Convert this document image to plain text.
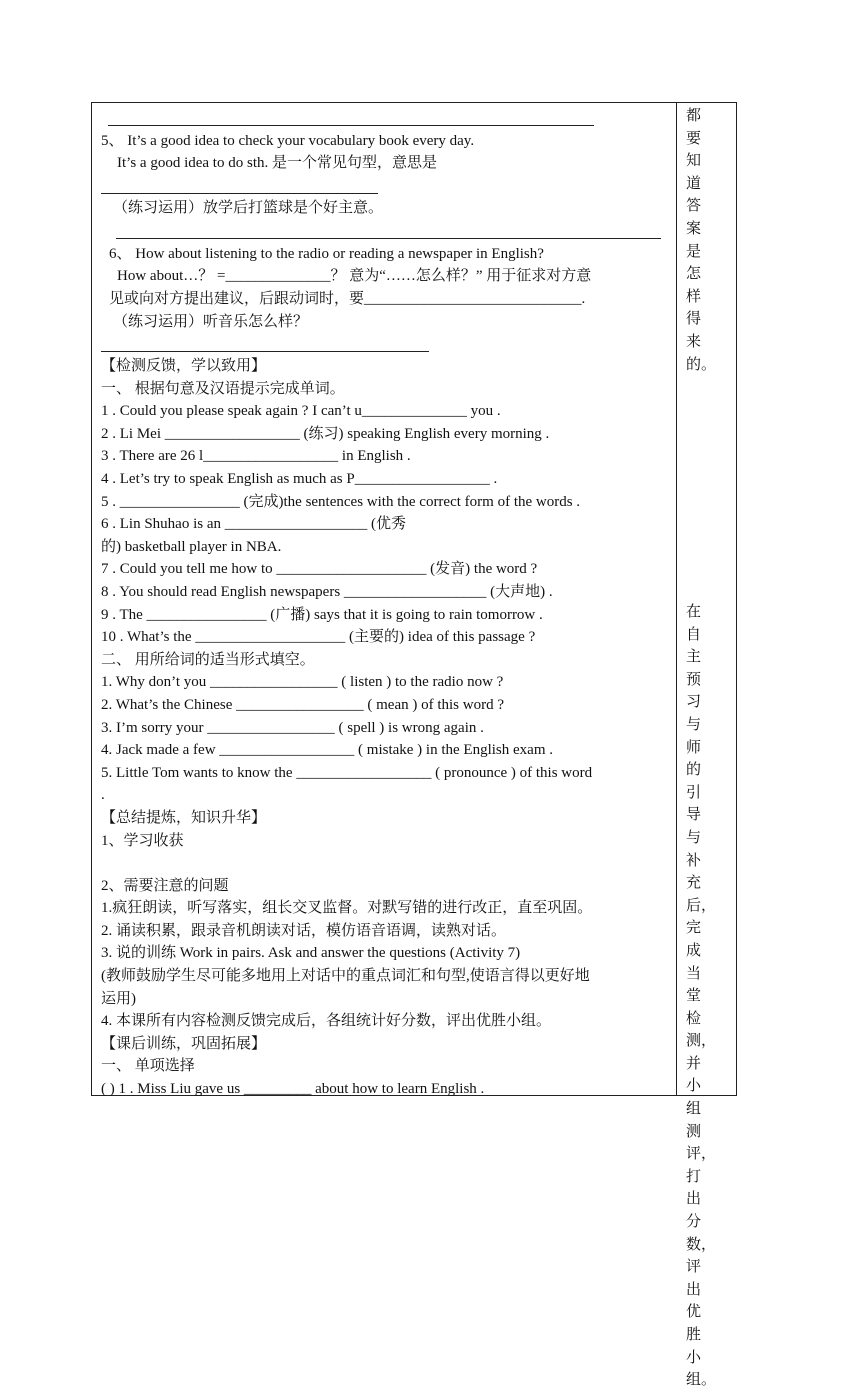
5、 It’s a good idea to check your vocabulary book every day.
It’s a good idea to do sth. 是一个常见句型，意思是
（练习运用）放学后打篮球是个好主意。
6、 How about listening to the radio or reading a newspaper in English?
How about…？ =______________？ 意为“……怎么样？” 用于征求对方意
见或向对方提出建议，后跟动词时，要_____________________________.
（练习运用）听音乐怎么样？
【检测反馈，学以致用】
一、 根据句意及汉语提示完成单词。
1 . Could you please speak again ? I can’t u______________ you .
2 . Li Mei __________________ (练习) speaking English every morning .
3 . There are 26 l__________________ in English .
4 . Let’s try to speak English as much as P__________________ .
5 . ________________ (完成)the sentences with the correct form of the words .
6 . Lin Shuhao is an ___________________ (优秀
的) basketball player in NBA.
7 . Could you tell me how to ____________________ (发音) the word ?
8 . You should read English newspapers ___________________ (大声地) .
9 . The ________________ (广播) says that it is going to rain tomorrow .
10 . What’s the ____________________ (主要的) idea of this passage ?
二、 用所给词的适当形式填空。
1. Why don’t you _________________ ( listen ) to the radio now ?
2. What’s the Chinese _________________ ( mean ) of this word ?
3. I’m sorry your _________________ ( spell ) is wrong again .
4. Jack made a few __________________ ( mistake ) in the English exam .
5. Little Tom wants to know the __________________ ( pronounce ) of this word
.
【总结提炼，知识升华】
1、学习收获
2、需要注意的问题
1.疯狂朗读，听写落实，组长交叉监督。对默写错的进行改正，直至巩固。
2. 诵读积累，跟录音机朗读对话，模仿语音语调，读熟对话。
3. 说的训练 Work in pairs. Ask and answer the questions (Activity 7)
(教师鼓励学生尽可能多地用上对话中的重点词汇和句型,使语言得以更好地
运用)
4. 本课所有内容检测反馈完成后，各组统计好分数，评出优胜小组。
【课后训练，巩固拓展】
一、 单项选择
( ) 1 . Miss Liu gave us _________ about how to learn English .
都要知道答案是怎样得来的。
在自主预习与师的引导与补充后，完成当堂检测，并小组测评，打出分数，评出优胜小组。
